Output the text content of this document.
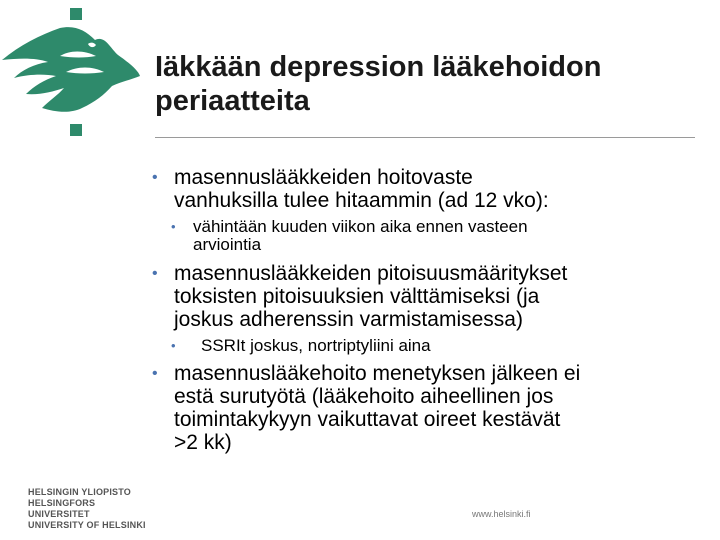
Iäkkään depression lääkehoidon
periaatteita
• masennuslääkkeiden hoitovaste
vanhuksilla tulee hitaammin (ad 12 vko):
• vähintään kuuden viikon aika ennen vasteen
arviointia
• masennuslääkkeiden pitoisuusmääritykset
toksisten pitoisuuksien välttämiseksi (ja
joskus adherenssin varmistamisessa)
• SSRIt joskus, nortriptyliini aina
• masennuslääkehoito menetyksen jälkeen ei
estä surutyötä (lääkehoito aiheellinen jos
toimintakykyyn vaikuttavat oireet kestävät
>2 kk)
HELSINGIN YLIOPISTO
HELSINGFORS UNIVERSITET
UNIVERSITY OF HELSINKI
www.helsinki.fi
